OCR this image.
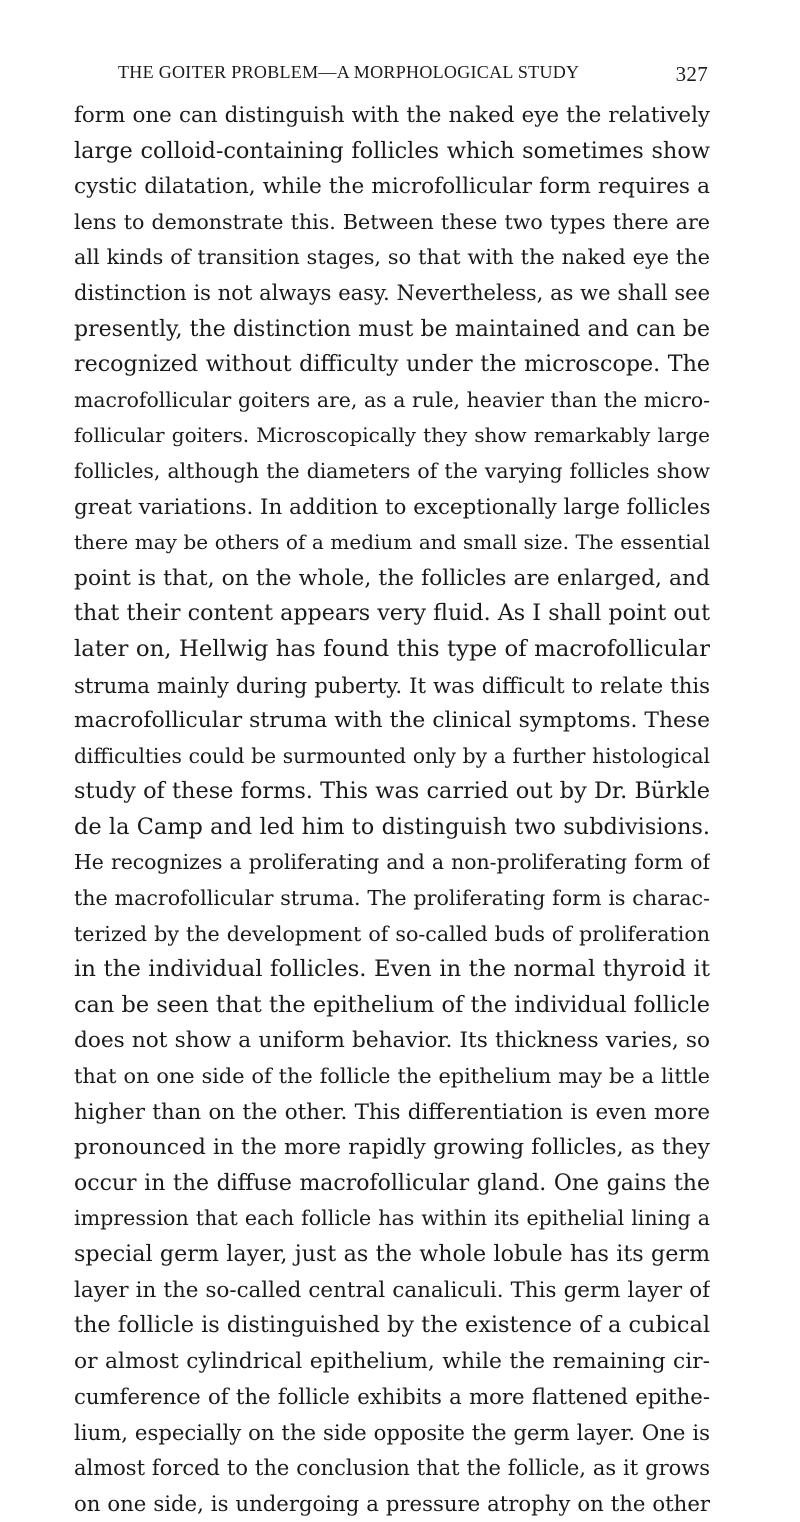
THE GOITER PROBLEM—A MORPHOLOGICAL STUDY	327
form one can distinguish with the naked eye the relatively
large colloid-containing follicles which sometimes show
cystic dilatation, while the microfollicular form requires a
lens to demonstrate this. Between these two types there are
all kinds of transition stages, so that with the naked eye the
distinction is not always easy. Nevertheless, as we shall see
presently, the distinction must be maintained and can be
recognized without difficulty under the microscope. The
macrofollicular goiters are, as a rule, heavier than the micro-
follicular goiters. Microscopically they show remarkably large
follicles, although the diameters of the varying follicles show
great variations. In addition to exceptionally large follicles
there may be others of a medium and small size. The essential
point is that, on the whole, the follicles are enlarged, and
that their content appears very fluid. As I shall point out
later on, Hellwig has found this type of macrofollicular
struma mainly during puberty. It was difficult to relate this
macrofollicular struma with the clinical symptoms. These
difficulties could be surmounted only by a further histological
study of these forms. This was carried out by Dr. Bürkle
de la Camp and led him to distinguish two subdivisions.
He recognizes a proliferating and a non-proliferating form of
the macrofollicular struma. The proliferating form is charac-
terized by the development of so-called buds of proliferation
in the individual follicles. Even in the normal thyroid it
can be seen that the epithelium of the individual follicle
does not show a uniform behavior. Its thickness varies, so
that on one side of the follicle the epithelium may be a little
higher than on the other. This differentiation is even more
pronounced in the more rapidly growing follicles, as they
occur in the diffuse macrofollicular gland. One gains the
impression that each follicle has within its epithelial lining a
special germ layer, just as the whole lobule has its germ
layer in the so-called central canaliculi. This germ layer of
the follicle is distinguished by the existence of a cubical
or almost cylindrical epithelium, while the remaining cir-
cumference of the follicle exhibits a more flattened epithe-
lium, especially on the side opposite the germ layer. One is
almost forced to the conclusion that the follicle, as it grows
on one side, is undergoing a pressure atrophy on the other
